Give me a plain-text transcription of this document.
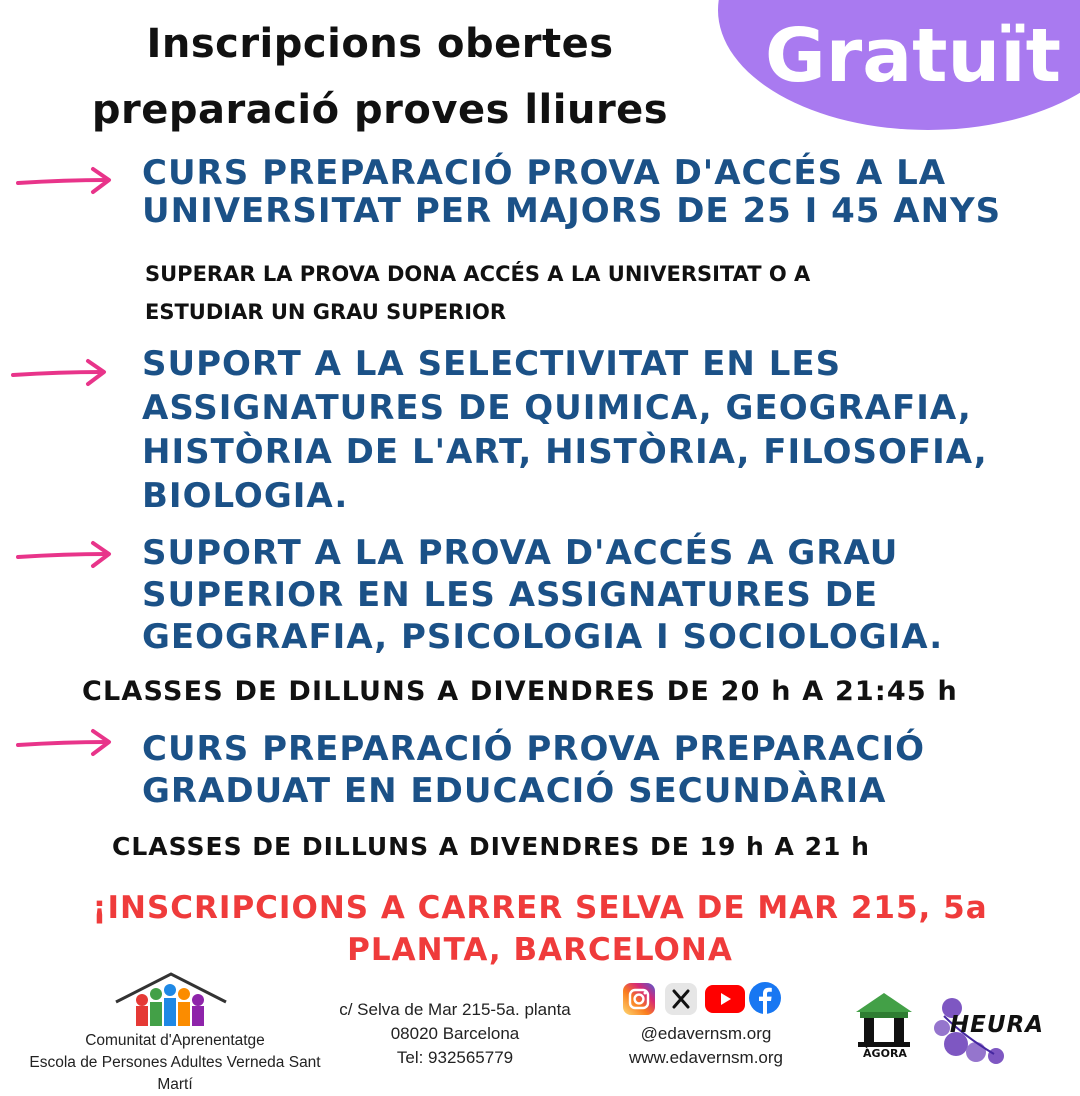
Gratuït
Inscripcions obertes
preparació proves lliures
CURS PREPARACIÓ PROVA D'ACCÉS A LA
UNIVERSITAT PER MAJORS DE 25 I 45 ANYS
SUPERAR LA PROVA DONA ACCÉS A LA UNIVERSITAT O A
ESTUDIAR UN GRAU SUPERIOR
SUPORT A LA SELECTIVITAT EN LES
ASSIGNATURES DE QUIMICA, GEOGRAFIA,
HISTÒRIA DE L'ART, HISTÒRIA, FILOSOFIA,
BIOLOGIA.
SUPORT A LA PROVA D'ACCÉS A GRAU
SUPERIOR EN LES ASSIGNATURES DE
GEOGRAFIA, PSICOLOGIA I SOCIOLOGIA.
CLASSES DE DILLUNS A DIVENDRES DE 20 h A 21:45 h
CURS PREPARACIÓ PROVA PREPARACIÓ
GRADUAT EN EDUCACIÓ SECUNDÀRIA
CLASSES DE DILLUNS A DIVENDRES DE 19 h A 21 h
¡INSCRIPCIONS A CARRER SELVA DE MAR 215, 5a
PLANTA, BARCELONA
Comunitat d'Aprenentatge
Escola de Persones Adultes Verneda Sant Martí
c/ Selva de Mar 215-5a. planta
08020 Barcelona
Tel: 932565779
@edavernsm.org
www.edavernsm.org	ÀGORA
HEURA
